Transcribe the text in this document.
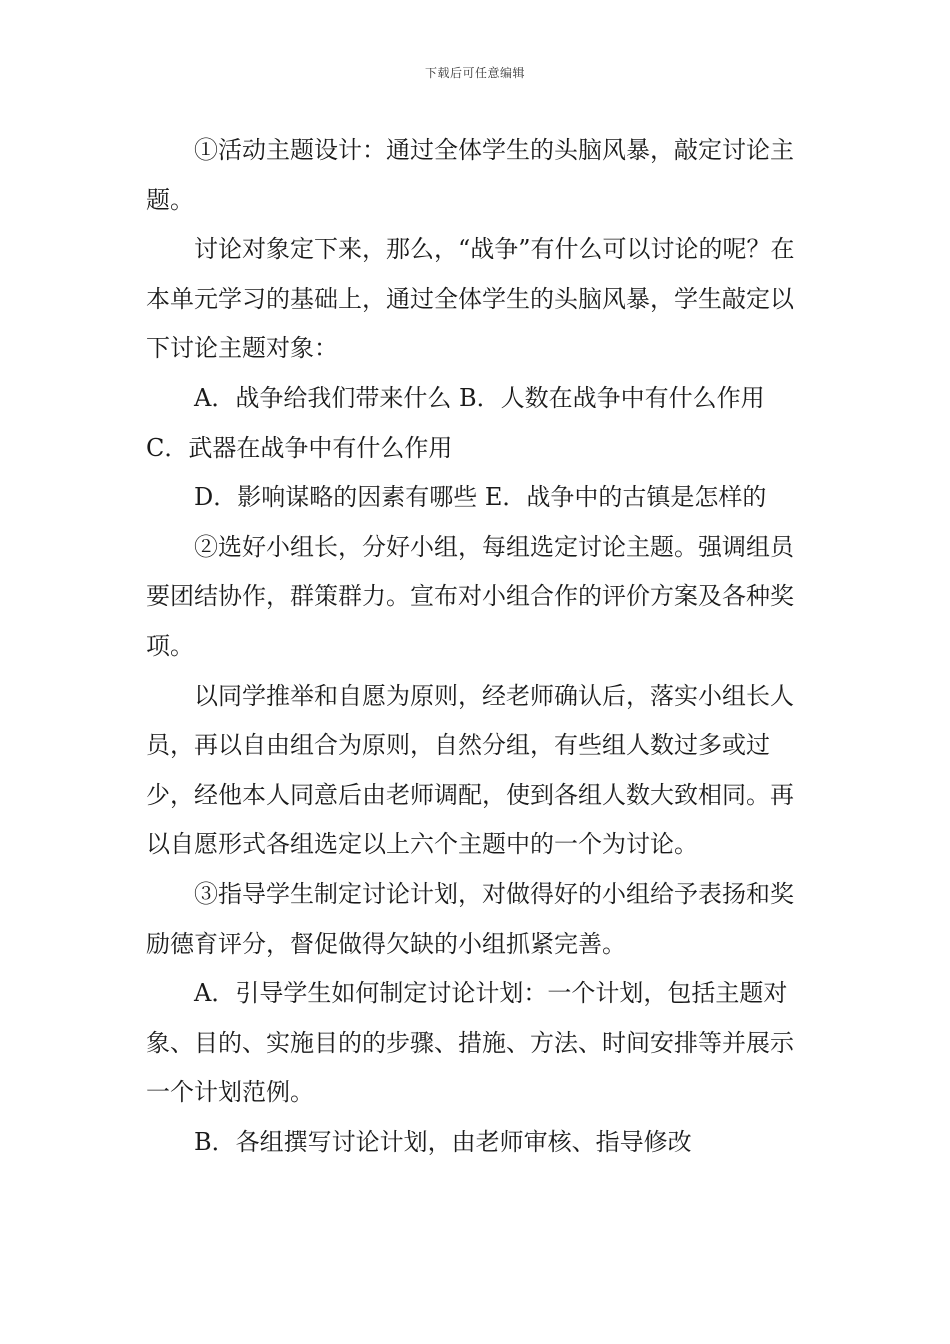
下载后可任意编辑

①活动主题设计：通过全体学生的头脑风暴，敲定讨论主题。

讨论对象定下来，那么，“战争”有什么可以讨论的呢？在本单元学习的基础上，通过全体学生的头脑风暴，学生敲定以下讨论主题对象：

A．战争给我们带来什么 B．人数在战争中有什么作用 C．武器在战争中有什么作用

D．影响谋略的因素有哪些 E．战争中的古镇是怎样的

②选好小组长，分好小组，每组选定讨论主题。强调组员要团结协作，群策群力。宣布对小组合作的评价方案及各种奖项。

以同学推举和自愿为原则，经老师确认后，落实小组长人员，再以自由组合为原则，自然分组，有些组人数过多或过少，经他本人同意后由老师调配，使到各组人数大致相同。再以自愿形式各组选定以上六个主题中的一个为讨论。

③指导学生制定讨论计划，对做得好的小组给予表扬和奖励德育评分，督促做得欠缺的小组抓紧完善。

A．引导学生如何制定讨论计划：一个计划，包括主题对象、目的、实施目的的步骤、措施、方法、时间安排等并展示一个计划范例。

B．各组撰写讨论计划，由老师审核、指导修改
